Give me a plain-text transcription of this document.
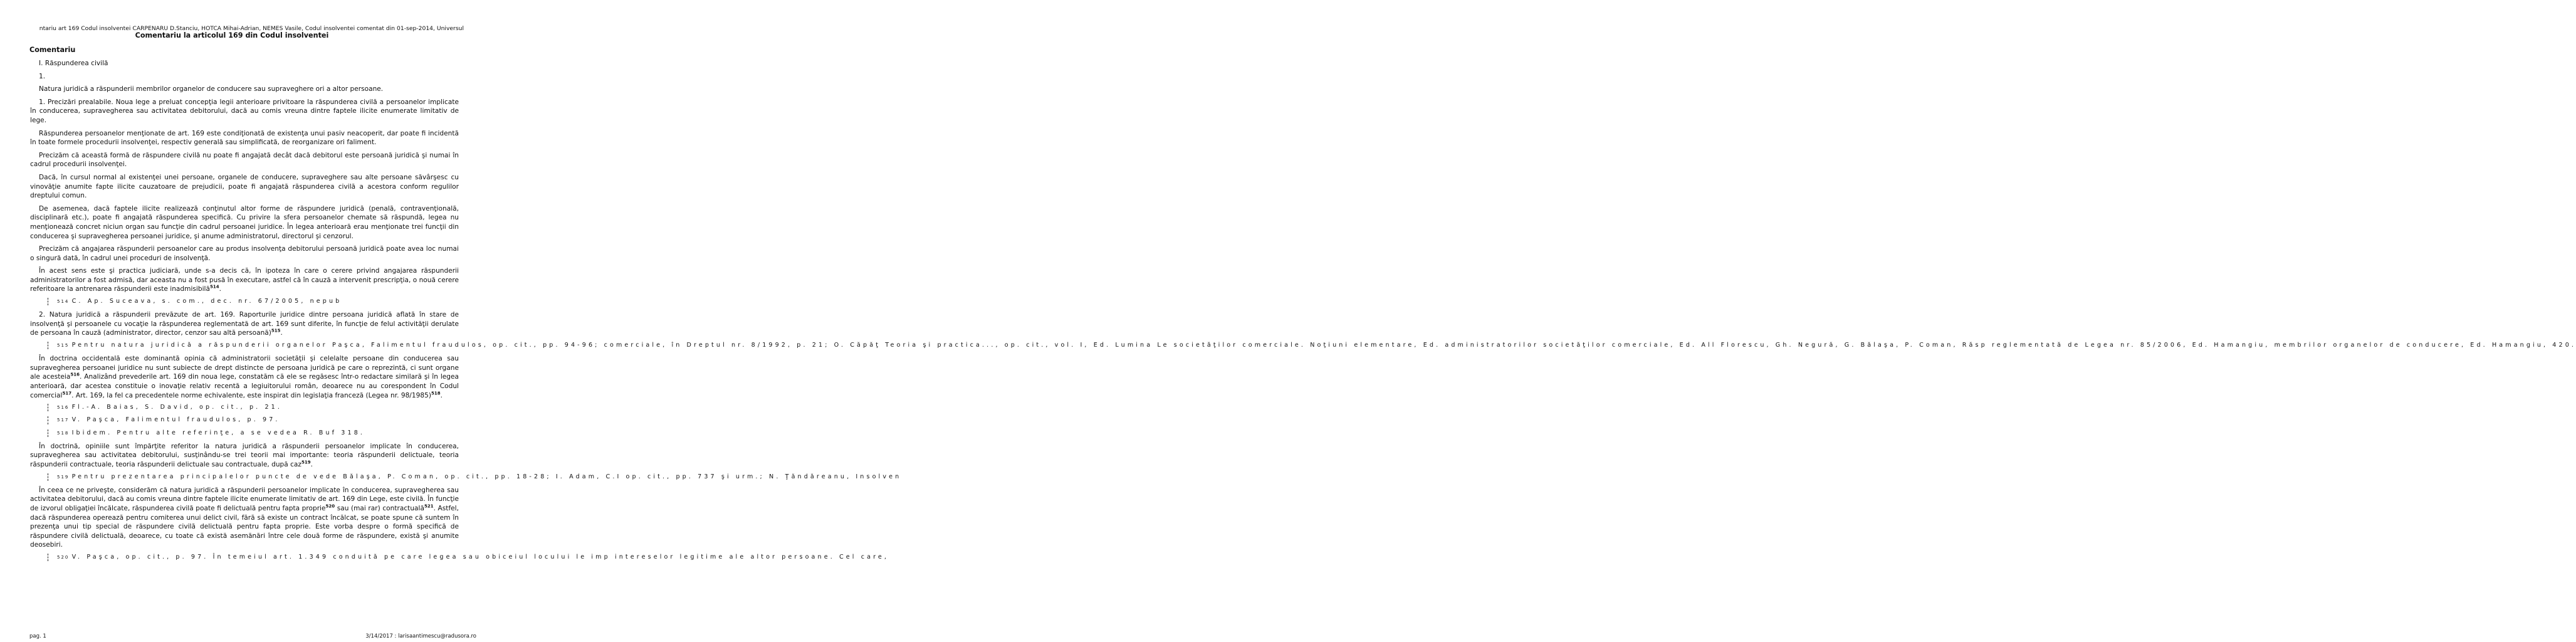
ntariu art 169 Codul insolventei CARPENARU D.Stanciu, HOTCA Mihai-Adrian, NEMES Vasile, Codul insolventei comentat din 01-sep-2014, Universul
Comentariu la articolul 169 din Codul insolventei
Comentariu

I. Răspunderea civilă

1.

Natura juridică a răspunderii membrilor organelor de conducere sau supraveghere ori a altor persoane.

1. Precizări prealabile. Noua lege a preluat concepţia legii anterioare privitoare la răspunderea civilă a persoanelor implicate în conducerea, supravegherea sau activitatea debitorului, dacă au comis vreuna dintre faptele ilicite enumerate limitativ de lege.

Răspunderea persoanelor menţionate de art. 169 este condiţionată de existenţa unui pasiv neacoperit, dar poate fi incidentă în toate formele procedurii insolvenţei, respectiv generală sau simplificată, de reorganizare ori faliment.

Precizăm că această formă de răspundere civilă nu poate fi angajată decât dacă debitorul este persoană juridică şi numai în cadrul procedurii insolvenţei.

Dacă, în cursul normal al existenţei unei persoane, organele de conducere, supraveghere sau alte persoane săvârşesc cu vinovăţie anumite fapte ilicite cauzatoare de prejudicii, poate fi angajată răspunderea civilă a acestora conform regulilor dreptului comun.

De asemenea, dacă faptele ilicite realizează conţinutul altor forme de răspundere juridică (penală, contravenţională, disciplinară etc.), poate fi angajată răspunderea specifică. Cu privire la sfera persoanelor chemate să răspundă, legea nu menţionează concret niciun organ sau funcţie din cadrul persoanei juridice. În legea anterioară erau menţionate trei funcţii din conducerea şi supravegherea persoanei juridice, şi anume administratorul, directorul şi cenzorul.

Precizăm că angajarea răspunderii persoanelor care au produs insolvenţa debitorului persoană juridică poate avea loc numai o singură dată, în cadrul unei proceduri de insolvenţă.

În acest sens este şi practica judiciară, unde s-a decis că, în ipoteza în care o cerere privind angajarea răspunderii administratorilor a fost admisă, dar aceasta nu a fost pusă în executare, astfel că în cauză a intervenit prescripţia, o nouă cerere referitoare la antrenarea răspunderii este inadmisibilă$^{514}$.

$^{514}$ C. Ap. Suceava, s. com., dec. nr. 67/2005, nepub

2. Natura juridică a răspunderii prevăzute de art. 169. Raporturile juridice dintre persoana juridică aflată în stare de insolvenţă şi persoanele cu vocaţie la răspunderea reglementată de art. 169 sunt diferite, în funcţie de felul activităţii derulate de persoana în cauză (administrator, director, cenzor sau altă persoană)$^{515}$.

$^{515}$ Pentru natura juridică a răspunderii organelor Paşca, Falimentul fraudulos, op. cit., pp. 94-96; comerciale, în Dreptul nr. 8/1992, p. 21; O. Căpăţ Teoria şi practica..., op. cit., vol. I, Ed. Lumina Le societăţilor comerciale. Noţiuni elementare, Ed. administratorilor societăţilor comerciale, Ed. All Florescu, Gh. Negură, G. Bălaşa, P. Coman, Răsp reglementată de Legea nr. 85/2006, Ed. Hamangiu, membrilor organelor de conducere, Ed. Hamangiu, 420.

În doctrina occidentală este dominantă opinia că administratorii societăţii şi celelalte persoane din conducerea sau supravegherea persoanei juridice nu sunt subiecte de drept distincte de persoana juridică pe care o reprezintă, ci sunt organe ale acesteia$^{516}$. Analizând prevederile art. 169 din noua lege, constatăm că ele se regăsesc într-o redactare similară şi în legea anterioară, dar acestea constituie o inovaţie relativ recentă a legiuitorului român, deoarece nu au corespondent în Codul comercial$^{517}$. Art. 169, la fel ca precedentele norme echivalente, este inspirat din legislaţia franceză (Legea nr. 98/1985)$^{518}$.

$^{516}$ Fl.-A. Baias, S. David, op. cit., p. 21.
$^{517}$ V. Paşca, Falimentul fraudulos, p. 97.
$^{518}$ Ibidem. Pentru alte referinţe, a se vedea R. Buf 318.

În doctrină, opiniile sunt împărţite referitor la natura juridică a răspunderii persoanelor implicate în conducerea, supravegherea sau activitatea debitorului, susţinându-se trei teorii mai importante: teoria răspunderii delictuale, teoria răspunderii contractuale, teoria răspunderii delictuale sau contractuale, după caz$^{519}$.

$^{519}$ Pentru prezentarea principalelor puncte de vede Bălaşa, P. Coman, op. cit., pp. 18-28; I. Adam, C.I op. cit., pp. 737 şi urm.; N. Ţăndăreanu, Insolven

În ceea ce ne priveşte, considerăm că natura juridică a răspunderii persoanelor implicate în conducerea, supravegherea sau activitatea debitorului, dacă au comis vreuna dintre faptele ilicite enumerate limitativ de art. 169 din Lege, este civilă. În funcţie de izvorul obligaţiei încălcate, răspunderea civilă poate fi delictuală pentru fapta proprie$^{520}$ sau (mai rar) contractuală$^{521}$. Astfel, dacă răspunderea operează pentru comiterea unui delict civil, fără să existe un contract încălcat, se poate spune că suntem în prezenţa unui tip special de răspundere civilă delictuală pentru fapta proprie. Este vorba despre o formă specifică de răspundere civilă delictuală, deoarece, cu toate că există asemănări între cele două forme de răspundere, există şi anumite deosebiri.

$^{520}$ V. Paşca, op. cit., p. 97. În temeiul art. 1.349 conduită pe care legea sau obiceiul locului le imp intereselor legitime ale altor persoane. Cel care,
pag. 1	3/14/2017 : larisaantimescu@radusora.ro
